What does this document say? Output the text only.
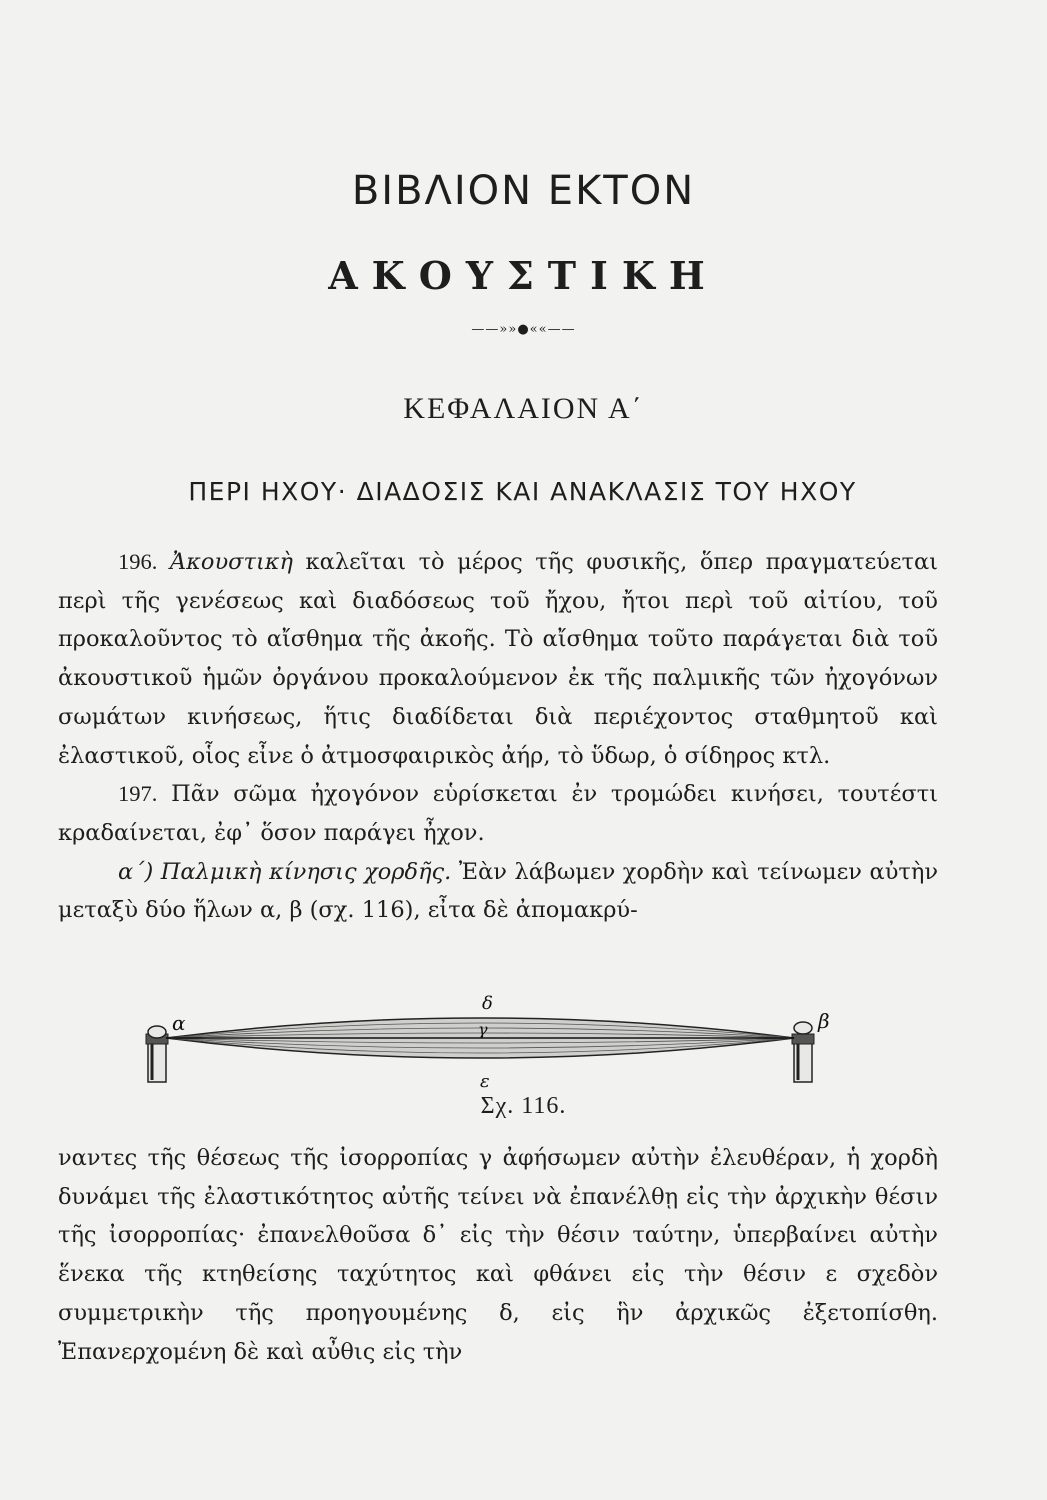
ΒΙΒΛΙΟΝ ΕΚΤΟΝ
ΑΚΟΥΣΤΙΚΗ
——»»●««——
ΚΕΦΑΛΑΙΟΝ Α΄
ΠΕΡΙ ΗΧΟΥ· ΔΙΑΔΟΣΙΣ ΚΑΙ ΑΝΑΚΛΑΣΙΣ ΤΟΥ ΗΧΟΥ

196. Ἀκουστικὴ καλεῖται τὸ μέρος τῆς φυσικῆς, ὅπερ πραγματεύεται περὶ τῆς γενέσεως καὶ διαδόσεως τοῦ ἤχου, ἤτοι περὶ τοῦ αἰτίου, τοῦ προκαλοῦντος τὸ αἴσθημα τῆς ἀκοῆς. Τὸ αἴσθημα τοῦτο παράγεται διὰ τοῦ ἀκουστικοῦ ἡμῶν ὀργάνου προκαλούμενον ἐκ τῆς παλμικῆς τῶν ἠχογόνων σωμάτων κινήσεως, ἥτις διαδίδεται διὰ περιέχοντος σταθμητοῦ καὶ ἐλαστικοῦ, οἷος εἶνε ὁ ἀτμοσφαιρικὸς ἀήρ, τὸ ὕδωρ, ὁ σίδηρος κτλ.

197. Πᾶν σῶμα ἠχογόνον εὑρίσκεται ἐν τρομώδει κινήσει, τουτέστι κραδαίνεται, ἐφ᾽ ὅσον παράγει ἦχον.

α΄) Παλμικὴ κίνησις χορδῆς. Ἐὰν λάβωμεν χορδὴν καὶ τείνωμεν αὐτὴν μεταξὺ δύο ἥλων α, β (σχ. 116), εἶτα δὲ ἀπομακρύ-

α	β
γ
δ
ε
Σχ. 116.

ναντες τῆς θέσεως τῆς ἰσορροπίας γ ἀφήσωμεν αὐτὴν ἐλευθέραν, ἡ χορδὴ δυνάμει τῆς ἐλαστικότητος αὐτῆς τείνει νὰ ἐπανέλθῃ εἰς τὴν ἀρχικὴν θέσιν τῆς ἰσορροπίας· ἐπανελθοῦσα δ᾽ εἰς τὴν θέσιν ταύτην, ὑπερβαίνει αὐτὴν ἕνεκα τῆς κτηθείσης ταχύτητος καὶ φθάνει εἰς τὴν θέσιν ε σχεδὸν συμμετρικὴν τῆς προηγουμένης δ, εἰς ἣν ἀρχικῶς ἐξετοπίσθη. Ἐπανερχομένη δὲ καὶ αὖθις εἰς τὴν
